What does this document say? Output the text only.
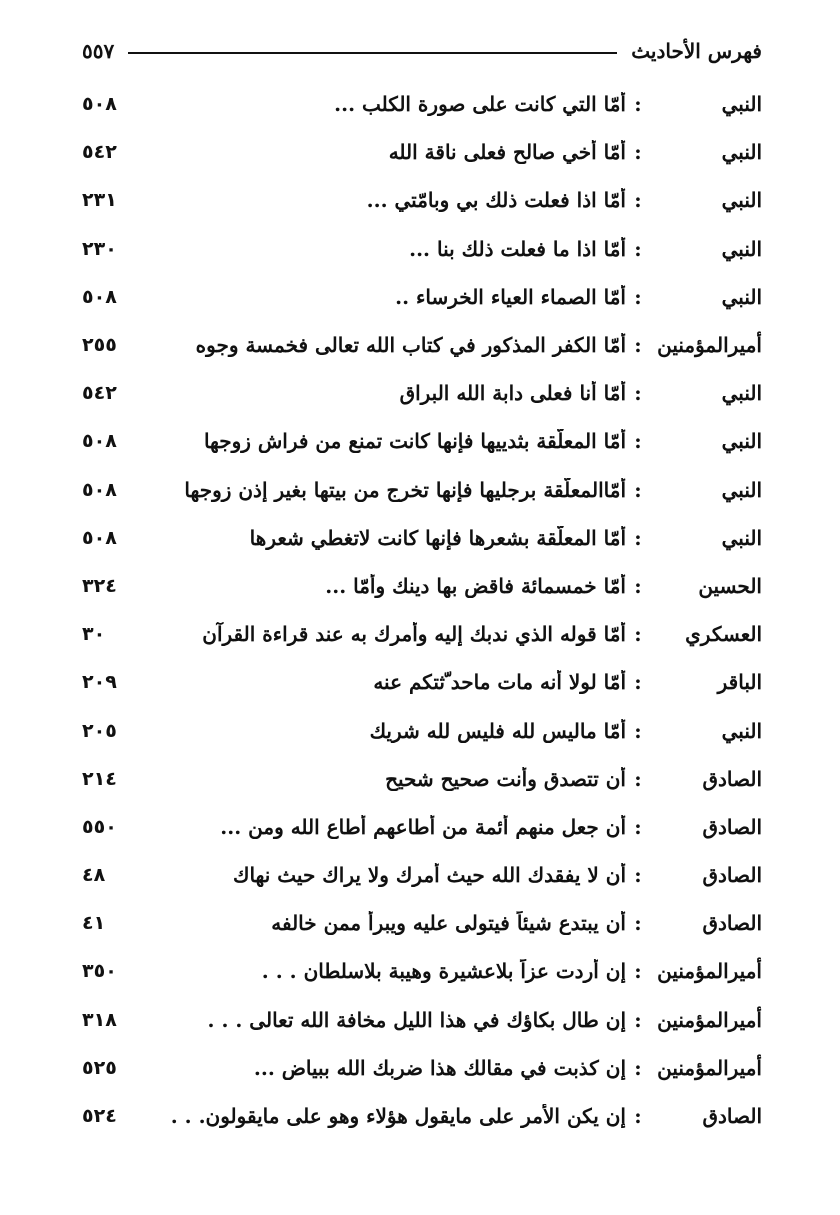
فهرس الأحاديث
٥٥٧
النبي
:
أمّا التي كانت على صورة الكلب ...
٥٠٨
النبي
:
أمّا أخي صالح فعلى ناقة الله
٥٤٢
النبي
:
أمّا اذا فعلت ذلك بي وبامّتي ...
٢٣١
النبي
:
أمّا اذا ما فعلت ذلك بنا ...
٢٣٠
النبي
:
أمّا الصماء العياء الخرساء ..
٥٠٨
أميرالمؤمنين
:
أمّا الكفر المذكور في كتاب الله تعالى فخمسة وجوه
٢٥٥
النبي
:
أمّا أنا فعلى دابة الله البراق
٥٤٢
النبي
:
أمّا المعلّقة بثدييها فإنها كانت تمنع من فراش زوجها
٥٠٨
النبي
:
أمّاالمعلّقة برجليها فإنها تخرج من بيتها بغير إذن زوجها
٥٠٨
النبي
:
أمّا المعلّقة بشعرها فإنها كانت لاتغطي شعرها
٥٠٨
الحسين
:
أمّا خمسمائة فاقض بها دينك وأمّا ...
٣٢٤
العسكري
:
أمّا قوله الذي ندبك إليه وأمرك به عند قراءة القرآن
٣٠
الباقر
:
أمّا لولا أنه مات ماحد ّثتكم عنه
٢٠٩
النبي
:
أمّا ماليس لله فليس لله شريك
٢٠٥
الصادق
:
أن تتصدق وأنت صحيح شحيح
٢١٤
الصادق
:
أن جعل منهم أئمة من أطاعهم أطاع الله ومن ...
٥٥٠
الصادق
:
أن لا يفقدك الله حيث أمرك ولا يراك حيث نهاك
٤٨
الصادق
:
أن يبتدع شيئاً فيتولى عليه ويبرأ ممن خالفه
٤١
أميرالمؤمنين
:
إن أردت عزاً بلاعشيرة وهيبة بلاسلطان . . .
٣٥٠
أميرالمؤمنين
:
إن طال بكاؤك في هذا الليل مخافة الله تعالى . . .
٣١٨
أميرالمؤمنين
:
إن كذبت في مقالك هذا ضربك الله ببياض ...
٥٢٥
الصادق
:
إن يكن الأمر على مايقول هؤلاء وهو على مايقولون. . .
٥٢٤
